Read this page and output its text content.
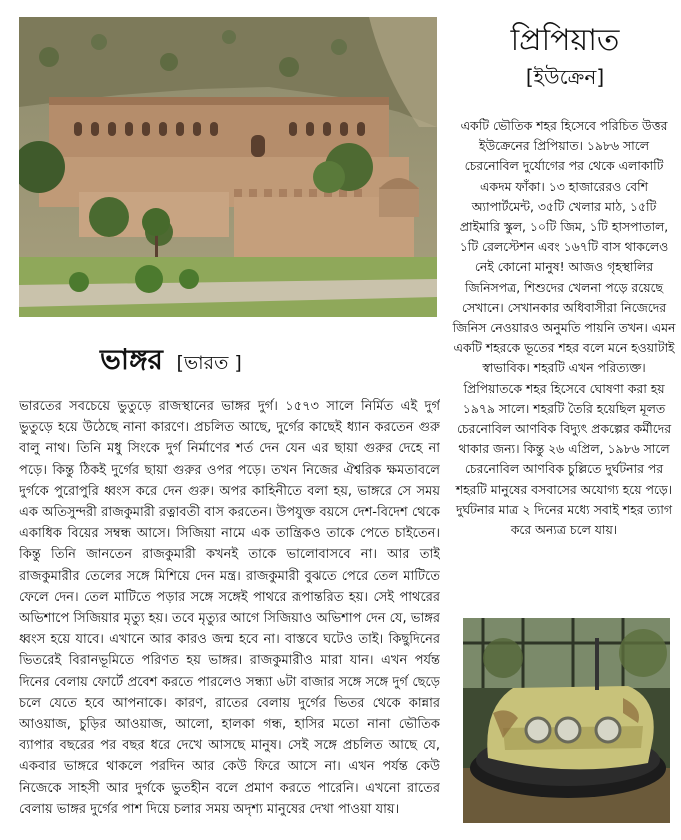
ভাঙ্গর [ভারত ]
ভারতের সবচেয়ে ভুতুড়ে রাজস্থানের ভাঙ্গর দুর্গ। ১৫৭৩ সালে নির্মিত এই দুর্গ ভুতুড়ে হয়ে উঠেছে নানা কারণে। প্রচলিত আছে, দুর্গের কাছেই ধ্যান করতেন গুরু বালু নাথ। তিনি মধু সিংকে দুর্গ নির্মাণের শর্ত দেন যেন এর ছায়া গুরুর দেহে না পড়ে। কিন্তু ঠিকই দুর্গের ছায়া গুরুর ওপর পড়ে। তখন নিজের ঐশ্বরিক ক্ষমতাবলে দুর্গকে পুরোপুরি ধ্বংস করে দেন গুরু। অপর কাহিনীতে বলা হয়, ভাঙ্গরে সে সময় এক অতিসুন্দরী রাজকুমারী রত্নাবতী বাস করতেন। উপযুক্ত বয়সে দেশ-বিদেশ থেকে একাধিক বিয়ের সম্বন্ধ আসে। সিজিয়া নামে এক তান্ত্রিকও তাকে পেতে চাইতেন। কিন্তু তিনি জানতেন রাজকুমারী কখনই তাকে ভালোবাসবে না। আর তাই রাজকুমারীর তেলের সঙ্গে মিশিয়ে দেন মন্ত্র। রাজকুমারী বুঝতে পেরে তেল মাটিতে ফেলে দেন। তেল মাটিতে পড়ার সঙ্গে সঙ্গেই পাথরে রূপান্তরিত হয়। সেই পাথরের অভিশাপে সিজিয়ার মৃত্যু হয়। তবে মৃত্যুর আগে সিজিয়াও অভিশাপ দেন যে, ভাঙ্গর ধ্বংস হয়ে যাবে। এখানে আর কারও জন্ম হবে না। বাস্তবে ঘটেও তাই। কিছুদিনের ভিতরেই বিরানভূমিতে পরিণত হয় ভাঙ্গর। রাজকুমারীও মারা যান। এখন পর্যন্ত দিনের বেলায় ফোর্টে প্রবেশ করতে পারলেও সন্ধ্যা ৬টা বাজার সঙ্গে সঙ্গে দুর্গ ছেড়ে চলে যেতে হবে আপনাকে। কারণ, রাতের বেলায় দুর্গের ভিতর থেকে কান্নার আওয়াজ, চুড়ির আওয়াজ, আলো, হালকা গন্ধ, হাসির মতো নানা ভৌতিক ব্যাপার বছরের পর বছর ধরে দেখে আসছে মানুষ। সেই সঙ্গে প্রচলিত আছে যে, একবার ভাঙ্গরে থাকলে পরদিন আর কেউ ফিরে আসে না। এখন পর্যন্ত কেউ নিজেকে সাহসী আর দুর্গকে ভুতহীন বলে প্রমাণ করতে পারেনি। এখনো রাতের বেলায় ভাঙ্গর দুর্গের পাশ দিয়ে চলার সময় অদৃশ্য মানুষের দেখা পাওয়া যায়।
প্রিপিয়াত
[ইউক্রেন]
একটি ভৌতিক শহর হিসেবে পরিচিত উত্তর ইউক্রেনের প্রিপিয়াত। ১৯৮৬ সালে চেরনোবিল দুর্যোগের পর থেকে এলাকাটি একদম ফাঁকা। ১৩ হাজারেরও বেশি অ্যাপার্টমেন্ট, ৩৫টি খেলার মাঠ, ১৫টি প্রাইমারি স্কুল, ১০টি জিম, ১টি হাসপাতাল, ১টি রেলস্টেশন এবং ১৬৭টি বাস থাকলেও নেই কোনো মানুষ! আজও গৃহস্থালির জিনিসপত্র, শিশুদের খেলনা পড়ে রয়েছে সেখানে। সেখানকার অধিবাসীরা নিজেদের জিনিস নেওয়ারও অনুমতি পায়নি তখন। এমন একটি শহরকে ভূতের শহর বলে মনে হওয়াটাই স্বাভাবিক। শহরটি এখন পরিত্যক্ত। প্রিপিয়াতকে শহর হিসেবে ঘোষণা করা হয় ১৯৭৯ সালে। শহরটি তৈরি হয়েছিল মূলত চেরনোবিল আণবিক বিদ্যুৎ প্রকল্পের কর্মীদের থাকার জন্য। কিন্তু ২৬ এপ্রিল, ১৯৮৬ সালে চেরনোবিল আণবিক চুল্লিতে দুর্ঘটনার পর শহরটি মানুষের বসবাসের অযোগ্য হয়ে পড়ে। দুর্ঘটনার মাত্র ২ দিনের মধ্যে সবাই শহর ত্যাগ করে অন্যত্র চলে যায়।
